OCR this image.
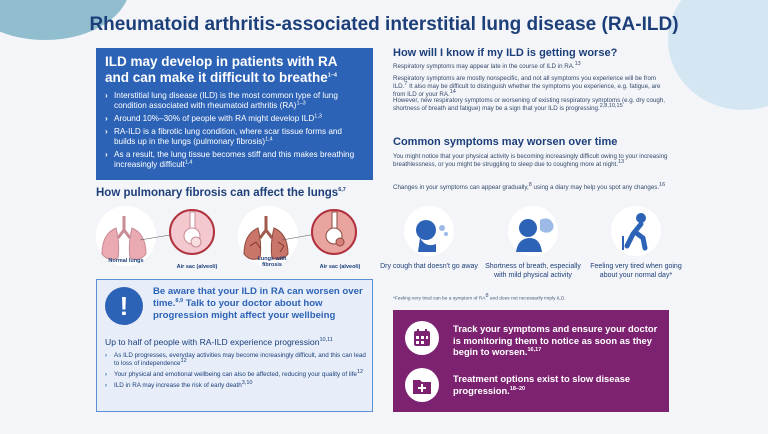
Rheumatoid arthritis-associated interstitial lung disease (RA-ILD)
ILD may develop in patients with RA and can make it difficult to breathe$^{1-4}$
› Interstitial lung disease (ILD) is the most common type of lung condition associated with rheumatoid arthritis (RA)$^{1-3}$
› Around 10%–30% of people with RA might develop ILD$^{1,3}$
› RA-ILD is a fibrotic lung condition, where scar tissue forms and builds up in the lungs (pulmonary fibrosis)$^{1,4}$
› As a result, the lung tissue becomes stiff and this makes breathing increasingly difficult$^{1,4}$
How pulmonary fibrosis can affect the lungs$^{6,7}$
Normal lungs
Air sac (alveoli)
Lungs with fibrosis	Air sac (alveoli)
!	Be aware that your ILD in RA can worsen over time.$^{8,9}$ Talk to your doctor about how progression might affect your wellbeing
Up to half of people with RA-ILD experience progression$^{10,11}$
› As ILD progresses, everyday activities may become increasingly difficult, and this can lead to loss of independence$^{12}$
› Your physical and emotional wellbeing can also be affected, reducing your quality of life$^{12}$
› ILD in RA may increase the risk of early death$^{3,10}$
How will I know if my ILD is getting worse?
Respiratory symptoms may appear late in the course of ILD in RA.$^{13}$
Respiratory symptoms are mostly nonspecific, and not all symptoms you experience will be from ILD.$^7$ It also may be difficult to distinguish whether the symptoms you experience, e.g. fatigue, are from ILD or your RA.$^{14}$
However, new respiratory symptoms or worsening of existing respiratory symptoms (e.g. dry cough, shortness of breath and fatigue) may be a sign that your ILD is progressing.$^{2,8,10,15}$
Common symptoms may worsen over time
You might notice that your physical activity is becoming increasingly difficult owing to your increasing breathlessness, or you might be struggling to sleep due to coughing more at night.$^{13}$
Changes in your symptoms can appear gradually,$^8$ using a diary may help you spot any changes.$^{16}$
Dry cough that doesn't go away	Shortness of breath, especially with mild physical activity
Feeling very tired when going about your normal day*
*Feeling very tired can be a symptom of $RA^8$ and does not necessarily imply ILD.
Track your symptoms and ensure your doctor is monitoring them to notice as soon as they begin to worsen.$^{16,17}$
Treatment options exist to slow disease progression.$^{18-20}$
